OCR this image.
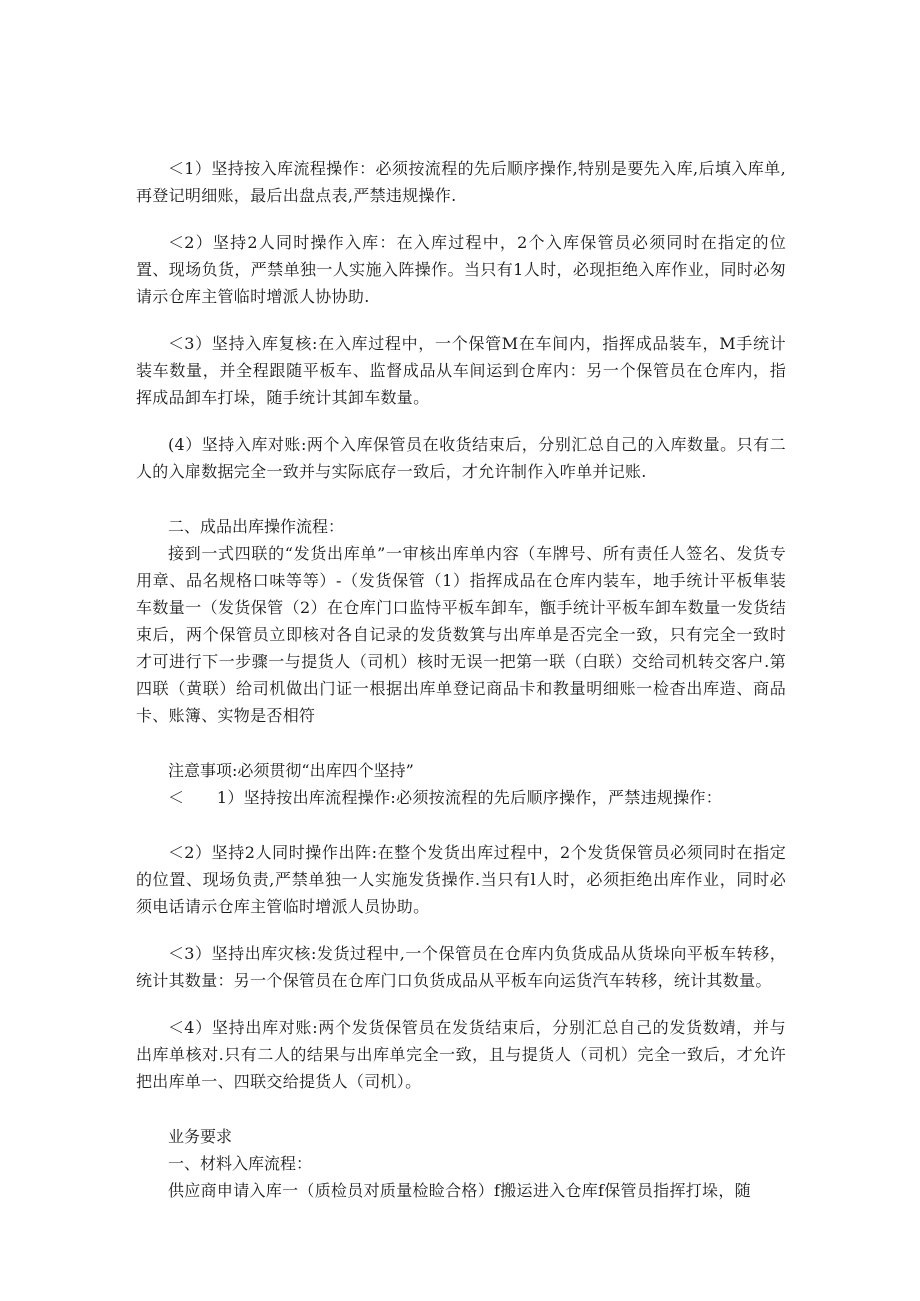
＜1）坚持按入库流程操作：必须按流程的先后顺序操作,特别是要先入库,后填入库单,再登记明细账，最后出盘点表,严禁违规操作.

＜2）坚持2人同时操作入库：在入库过程中，2个入库保管员必须同时在指定的位置、现场负货，严禁单独一人实施入阵操作。当只有1人时，必现拒绝入库作业，同时必匆请示仓库主管临时增派人协协助.

＜3）坚持入库复核:在入库过程中，一个保管M在车间内，指挥成品装车，M手统计装车数量，并全程跟随平板车、监督成品从车间运到仓库内：另一个保管员在仓库内，指挥成品卸车打垛，随手统计其卸车数量。

(4）坚持入库对账:两个入库保管员在收货结束后，分别汇总自己的入库数量。只有二人的入扉数据完全一致并与实际底存一致后，才允许制作入咋单并记账.

二、成品出库操作流程：

接到一式四联的“发货出库单”一审核出库单内容（车牌号、所有责任人签名、发货专用章、品名规格口味等等）-（发货保管（1）指挥成品在仓库内装车，地手统计平板隼装车数量一（发货保管（2）在仓库门口监恃平板车卸车，甑手统计平板车卸车数量一发货结束后，两个保管员立即核对各自记录的发货数箕与出库单是否完全一致，只有完全一致时才可进行下一步骤一与提货人（司机）核时无误一把第一联（白联）交给司机转交客户.第四联（黄联）给司机做出门证一根据出库单登记商品卡和教量明细账一检杳出库造、商品卡、账簿、实物是否相符

注意事项:必须贯彻“出库四个坚持”

＜　　1）坚持按出库流程操作:必须按流程的先后顺序操作，严禁违规操作：

＜2）坚持2人同时操作出阵:在整个发货出库过程中，2个发货保管员必须同时在指定的位置、现场负责,严禁单独一人实施发货操作.当只有l人时，必须拒绝出库作业，同时必须电话请示仓库主管临时增派人员协助。

＜3）坚持出库灾核:发货过程中,一个保管员在仓库内负货成品从货垛向平板车转移，统计其数量：另一个保管员在仓库门口负货成品从平板车向运货汽车转移，统计其数量。

＜4）坚持出库对账:两个发货保管员在发货结束后，分别汇总自己的发货数靖，并与出库单核对.只有二人的结果与出库单完全一致，且与提货人（司机）完全一致后，才允许把出库单一、四联交给提货人（司机）。

业务要求

一、材料入库流程：

供应商申请入库一（质检员对质量检睑合格）f搬运进入仓库f保管员指挥打垛，随
